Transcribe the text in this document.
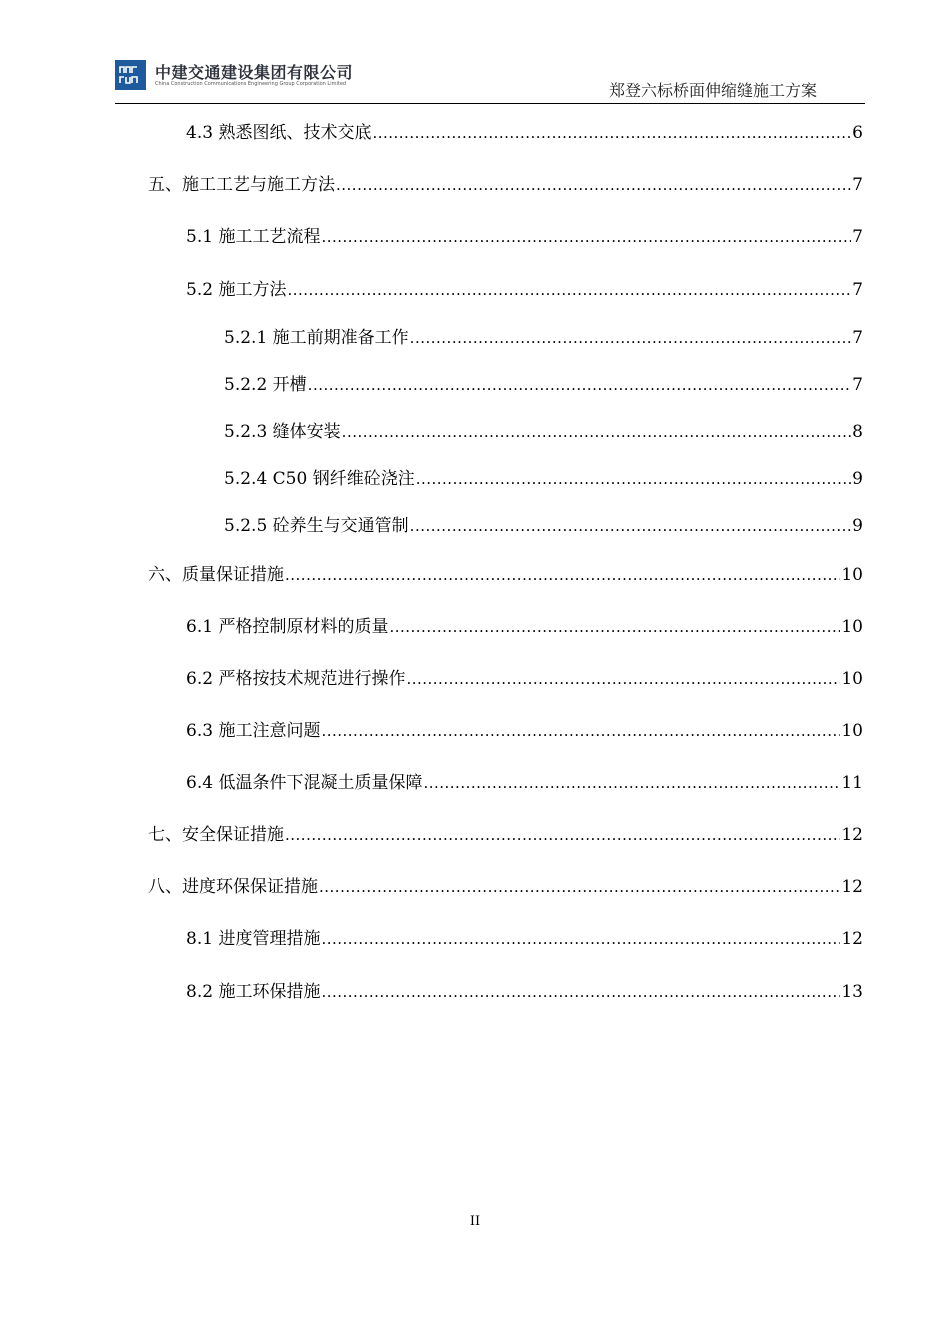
中建交通建设集团有限公司
China Construction Communications Engineering Group Corporation Limited	郑登六标桥面伸缩缝施工方案
4.3 熟悉图纸、技术交底 .....	6
五、施工工艺与施工方法 .....	7
5.1 施工工艺流程 .....	7
5.2 施工方法 .....	7
5.2.1 施工前期准备工作 .....	7
5.2.2 开槽 .....	7
5.2.3 缝体安装 .....	8
5.2.4 C50 钢纤维砼浇注 .....	9
5.2.5 砼养生与交通管制 .....	9
六、质量保证措施 .....	10
6.1 严格控制原材料的质量 .....	10
6.2 严格按技术规范进行操作 .....	10
6.3 施工注意问题 .....	10
6.4 低温条件下混凝土质量保障 .....	11
七、安全保证措施 .....	12
八、进度环保保证措施 .....	12
8.1 进度管理措施 .....	12
8.2 施工环保措施 .....	13
II
